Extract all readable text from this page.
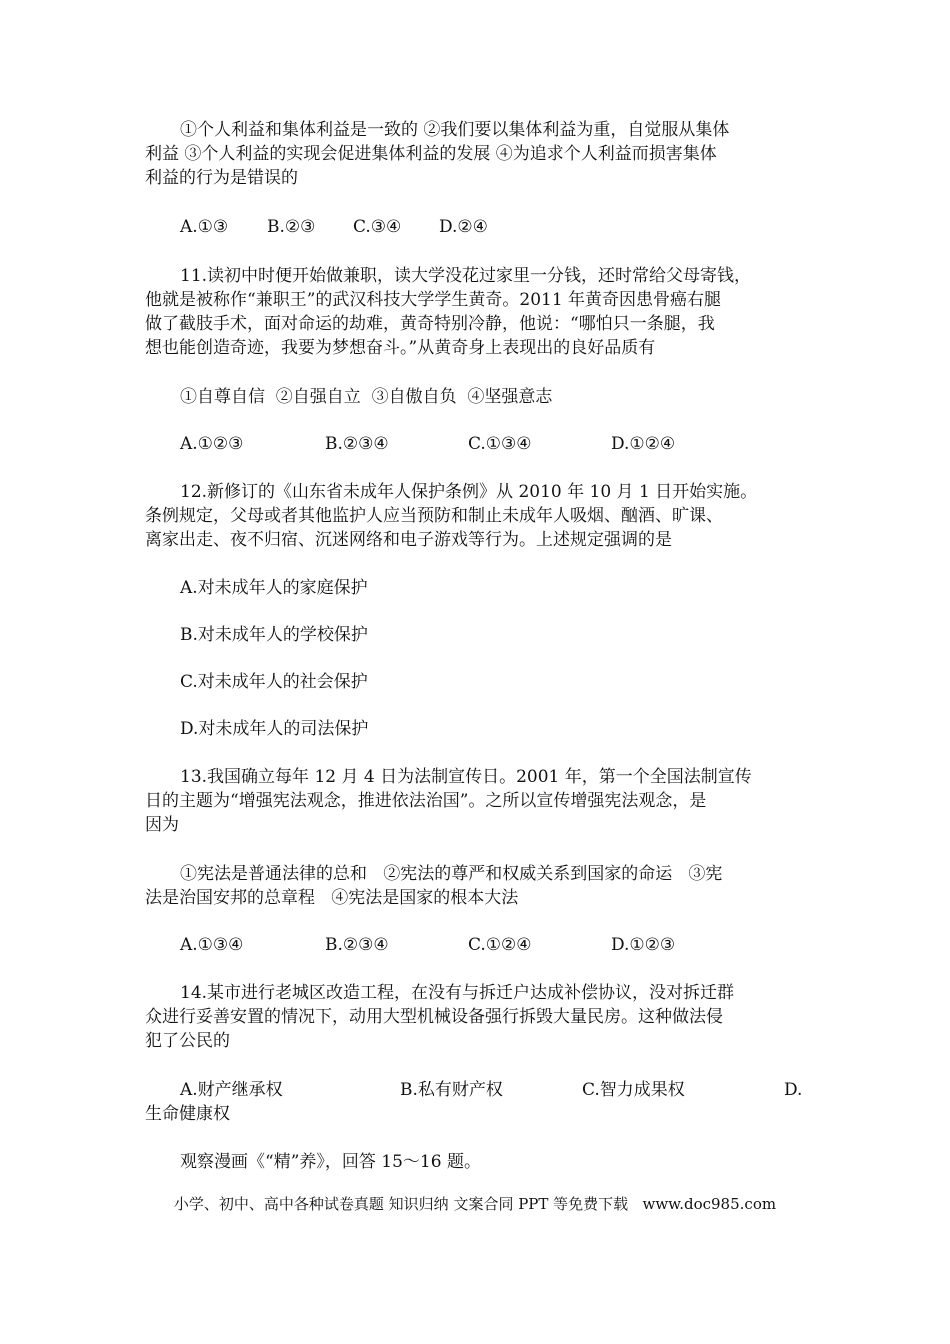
①个人利益和集体利益是一致的 ②我们要以集体利益为重，自觉服从集体

利益 ③个人利益的实现会促进集体利益的发展 ④为追求个人利益而损害集体

利益的行为是错误的

A.①③ B.②③ C.③④ D.②④

11.读初中时便开始做兼职，读大学没花过家里一分钱，还时常给父母寄钱，

他就是被称作“兼职王”的武汉科技大学学生黄奇。2011 年黄奇因患骨癌右腿

做了截肢手术，面对命运的劫难，黄奇特别冷静，他说：“哪怕只一条腿，我

想也能创造奇迹，我要为梦想奋斗。”从黄奇身上表现出的良好品质有

①自尊自信  ②自强自立  ③自傲自负  ④坚强意志

A.①②③	B.②③④	C.①③④	D.①②④

12.新修订的《山东省未成年人保护条例》从 2010 年 10 月 1 日开始实施。

条例规定，父母或者其他监护人应当预防和制止未成年人吸烟、酗酒、旷课、

离家出走、夜不归宿、沉迷网络和电子游戏等行为。上述规定强调的是

A.对未成年人的家庭保护

B.对未成年人的学校保护

C.对未成年人的社会保护

D.对未成年人的司法保护

13.我国确立每年 12 月 4 日为法制宣传日。2001 年，第一个全国法制宣传

日的主题为“增强宪法观念，推进依法治国”。之所以宣传增强宪法观念，是

因为

①宪法是普通法律的总和   ②宪法的尊严和权威关系到国家的命运   ③宪

法是治国安邦的总章程   ④宪法是国家的根本大法

A.①③④	B.②③④	C.①②④	D.①②③

14.某市进行老城区改造工程，在没有与拆迁户达成补偿协议，没对拆迁群

众进行妥善安置的情况下，动用大型机械设备强行拆毁大量民房。这种做法侵

犯了公民的

A.财产继承权	B.私有财产权	C.智力成果权	D.

生命健康权

观察漫画《“精”养》，回答 15～16 题。

小学、初中、高中各种试卷真题 知识归纳 文案合同 PPT 等免费下载   www.doc985.com
